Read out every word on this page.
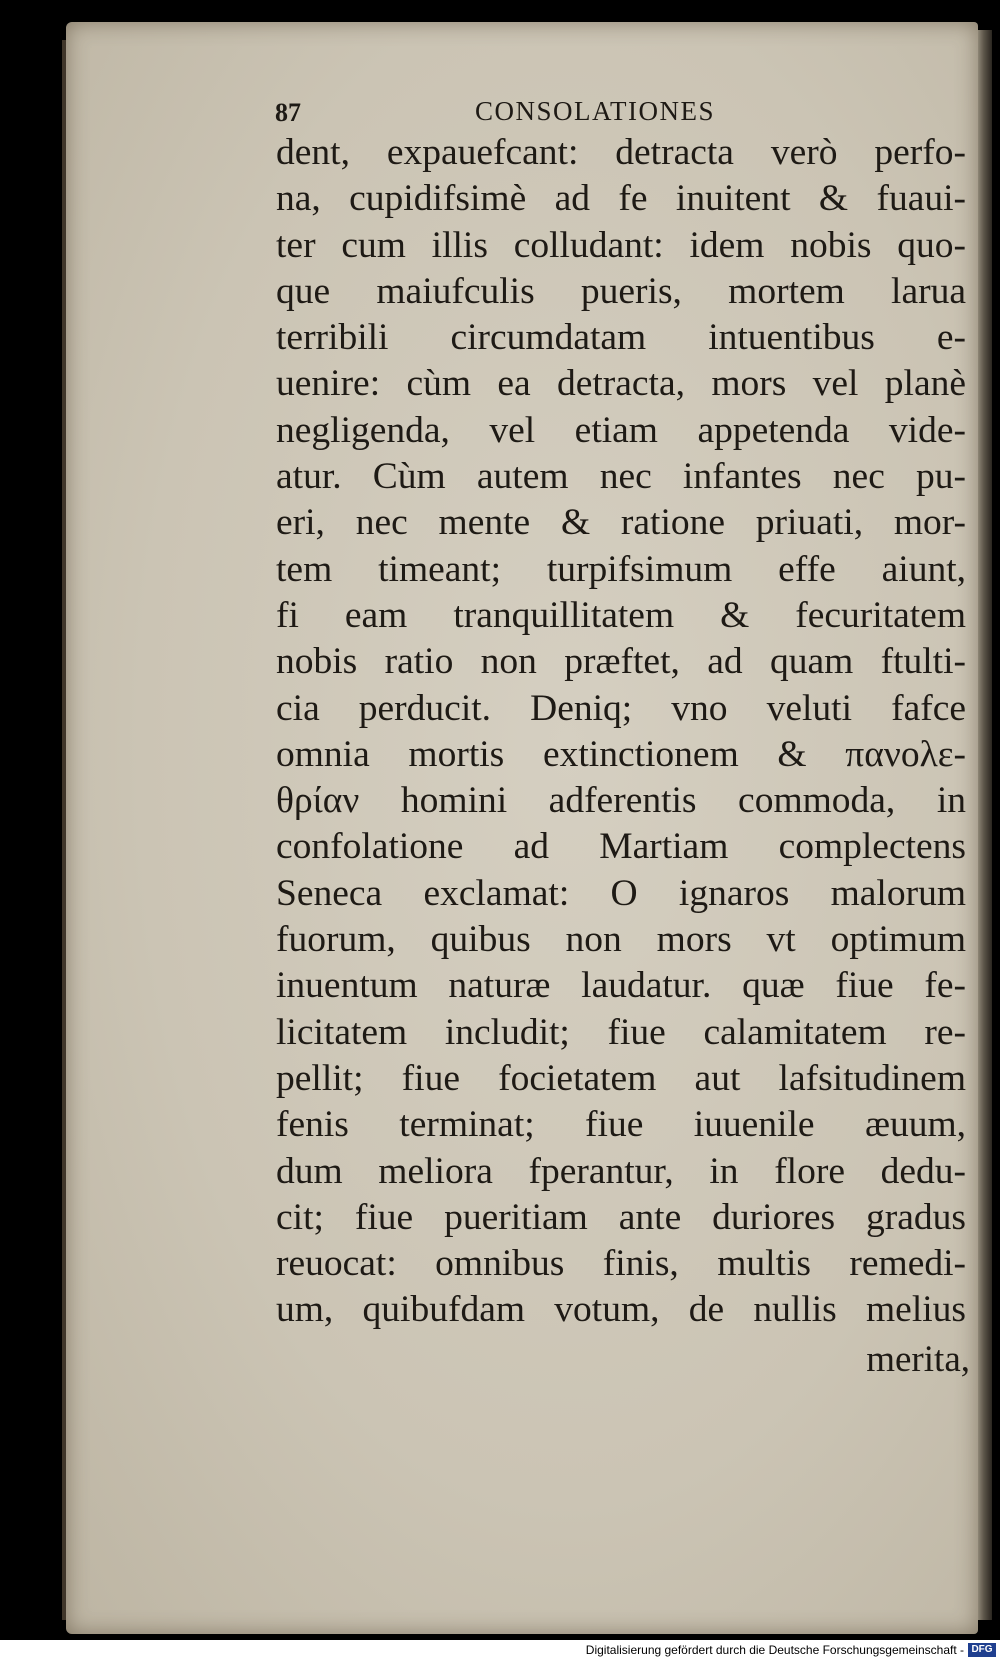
87	CONSOLATIONES
dent, expauefcant: detracta verò perfo-
na, cupidifsimè ad fe inuitent & fuaui-
ter cum illis colludant: idem nobis quo-
que maiufculis pueris, mortem larua
terribili circumdatam intuentibus e-
uenire: cùm ea detracta, mors vel planè
negligenda, vel etiam appetenda vide-
atur. Cùm autem nec infantes nec pu-
eri, nec mente & ratione priuati, mor-
tem timeant; turpifsimum effe aiunt,
fi eam tranquillitatem & fecuritatem
nobis ratio non præftet, ad quam ftulti-
cia perducit. Deniq; vno veluti fafce
omnia mortis extinctionem & πανολε-
θρίαν homini adferentis commoda, in
confolatione ad Martiam complectens
Seneca exclamat: O ignaros malorum
fuorum, quibus non mors vt optimum
inuentum naturæ laudatur. quæ fiue fe-
licitatem includit; fiue calamitatem re-
pellit; fiue focietatem aut lafsitudinem
fenis terminat; fiue iuuenile æuum,
dum meliora fperantur, in flore dedu-
cit; fiue pueritiam ante duriores gradus
reuocat: omnibus finis, multis remedi-
um, quibufdam votum, de nullis melius
merita,
Digitalisierung gefördert durch die Deutsche Forschungsgemeinschaft - DFG
